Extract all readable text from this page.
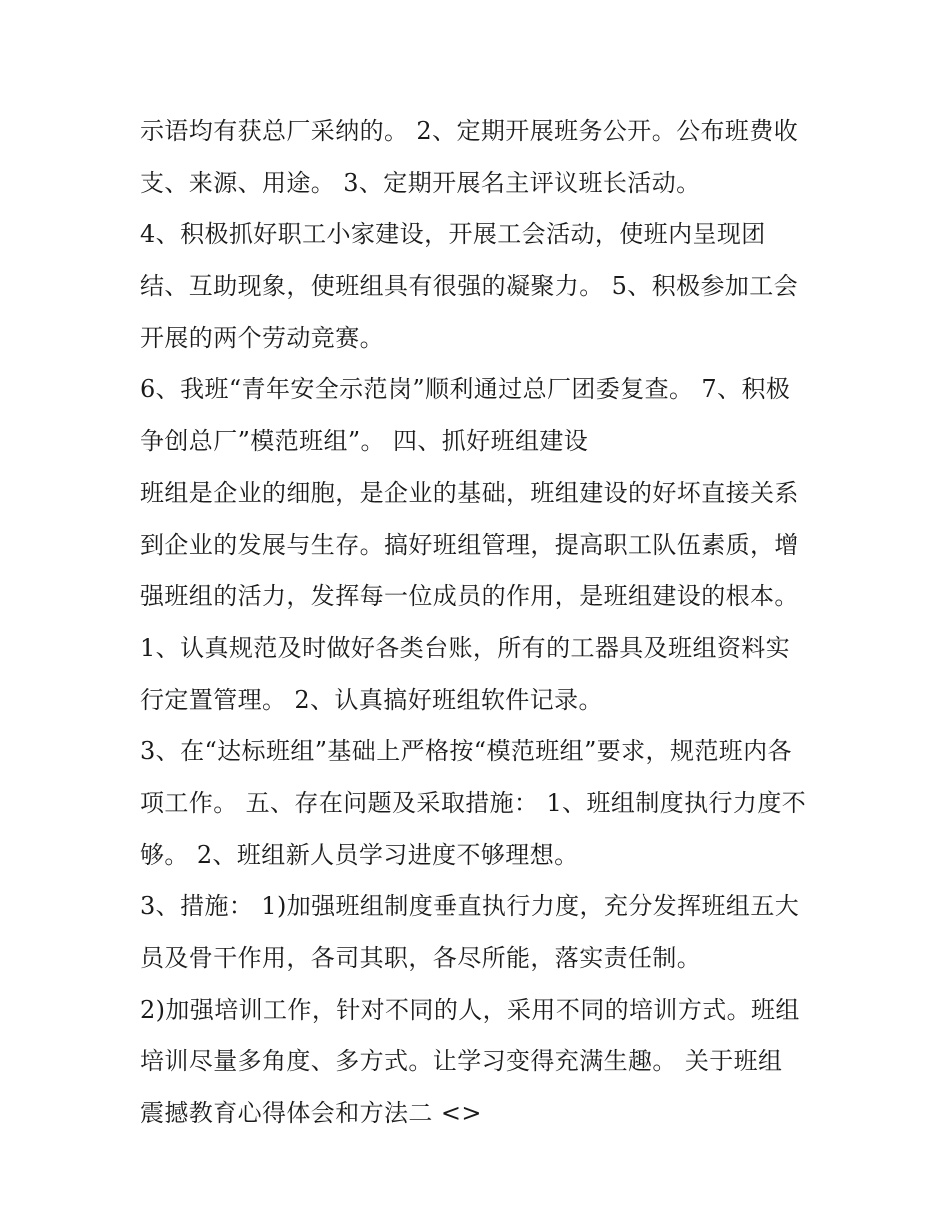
示语均有获总厂采纳的。 2、定期开展班务公开。公布班费收
支、来源、用途。 3、定期开展名主评议班长活动。
4、积极抓好职工小家建设，开展工会活动，使班内呈现团
结、互助现象，使班组具有很强的凝聚力。 5、积极参加工会
开展的两个劳动竞赛。
6、我班“青年安全示范岗”顺利通过总厂团委复查。 7、积极
争创总厂”模范班组”。 四、抓好班组建设
班组是企业的细胞，是企业的基础，班组建设的好坏直接关系
到企业的发展与生存。搞好班组管理，提高职工队伍素质，增
强班组的活力，发挥每一位成员的作用，是班组建设的根本。
1、认真规范及时做好各类台账，所有的工器具及班组资料实
行定置管理。 2、认真搞好班组软件记录。
3、在“达标班组”基础上严格按“模范班组”要求，规范班内各
项工作。 五、存在问题及采取措施： 1、班组制度执行力度不
够。 2、班组新人员学习进度不够理想。
3、措施： 1)加强班组制度垂直执行力度，充分发挥班组五大
员及骨干作用，各司其职，各尽所能，落实责任制。
2)加强培训工作，针对不同的人，采用不同的培训方式。班组
培训尽量多角度、多方式。让学习变得充满生趣。 关于班组
震撼教育心得体会和方法二 <>
